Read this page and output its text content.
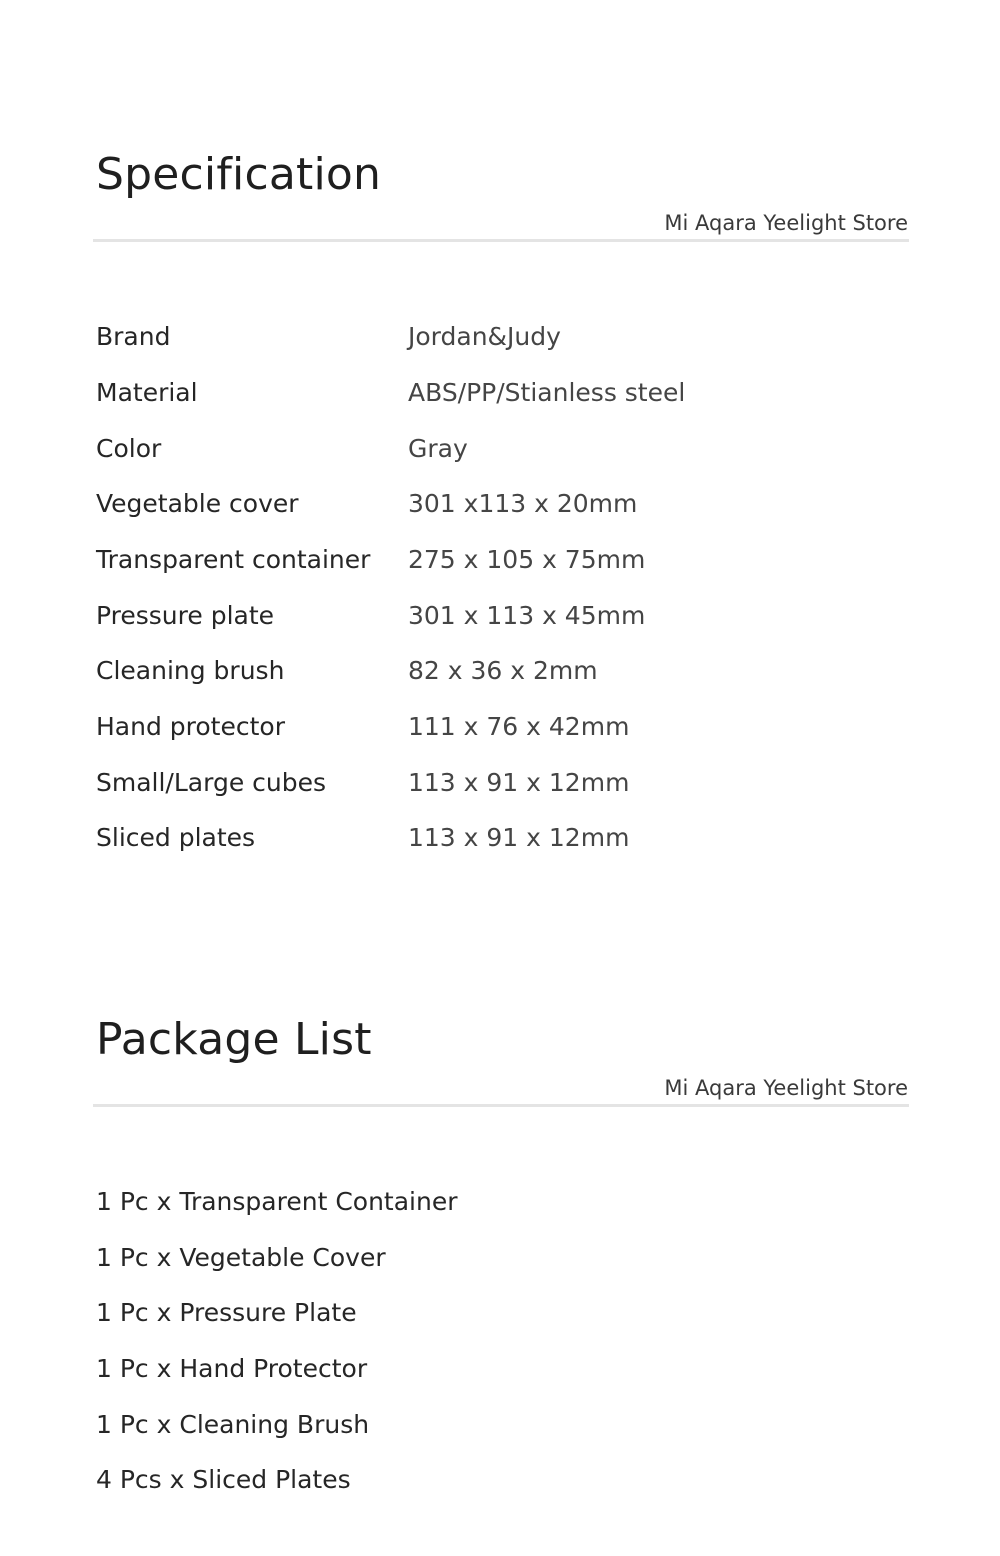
Specification
Mi Aqara Yeelight Store
Brand	Jordan&Judy
Material	ABS/PP/Stianless steel
Color	Gray
Vegetable cover	301 x113 x 20mm
Transparent container 275 x 105 x 75mm
Pressure plate	301 x 113 x 45mm
Cleaning brush	82 x 36 x 2mm
Hand protector	111 x 76 x 42mm
Small/Large cubes	113 x 91 x 12mm
Sliced plates	113 x 91 x 12mm
Package List
Mi Aqara Yeelight Store
1 Pc x Transparent Container
1 Pc x Vegetable Cover
1 Pc x Pressure Plate
1 Pc x Hand Protector
1 Pc x Cleaning Brush
4 Pcs x Sliced Plates
